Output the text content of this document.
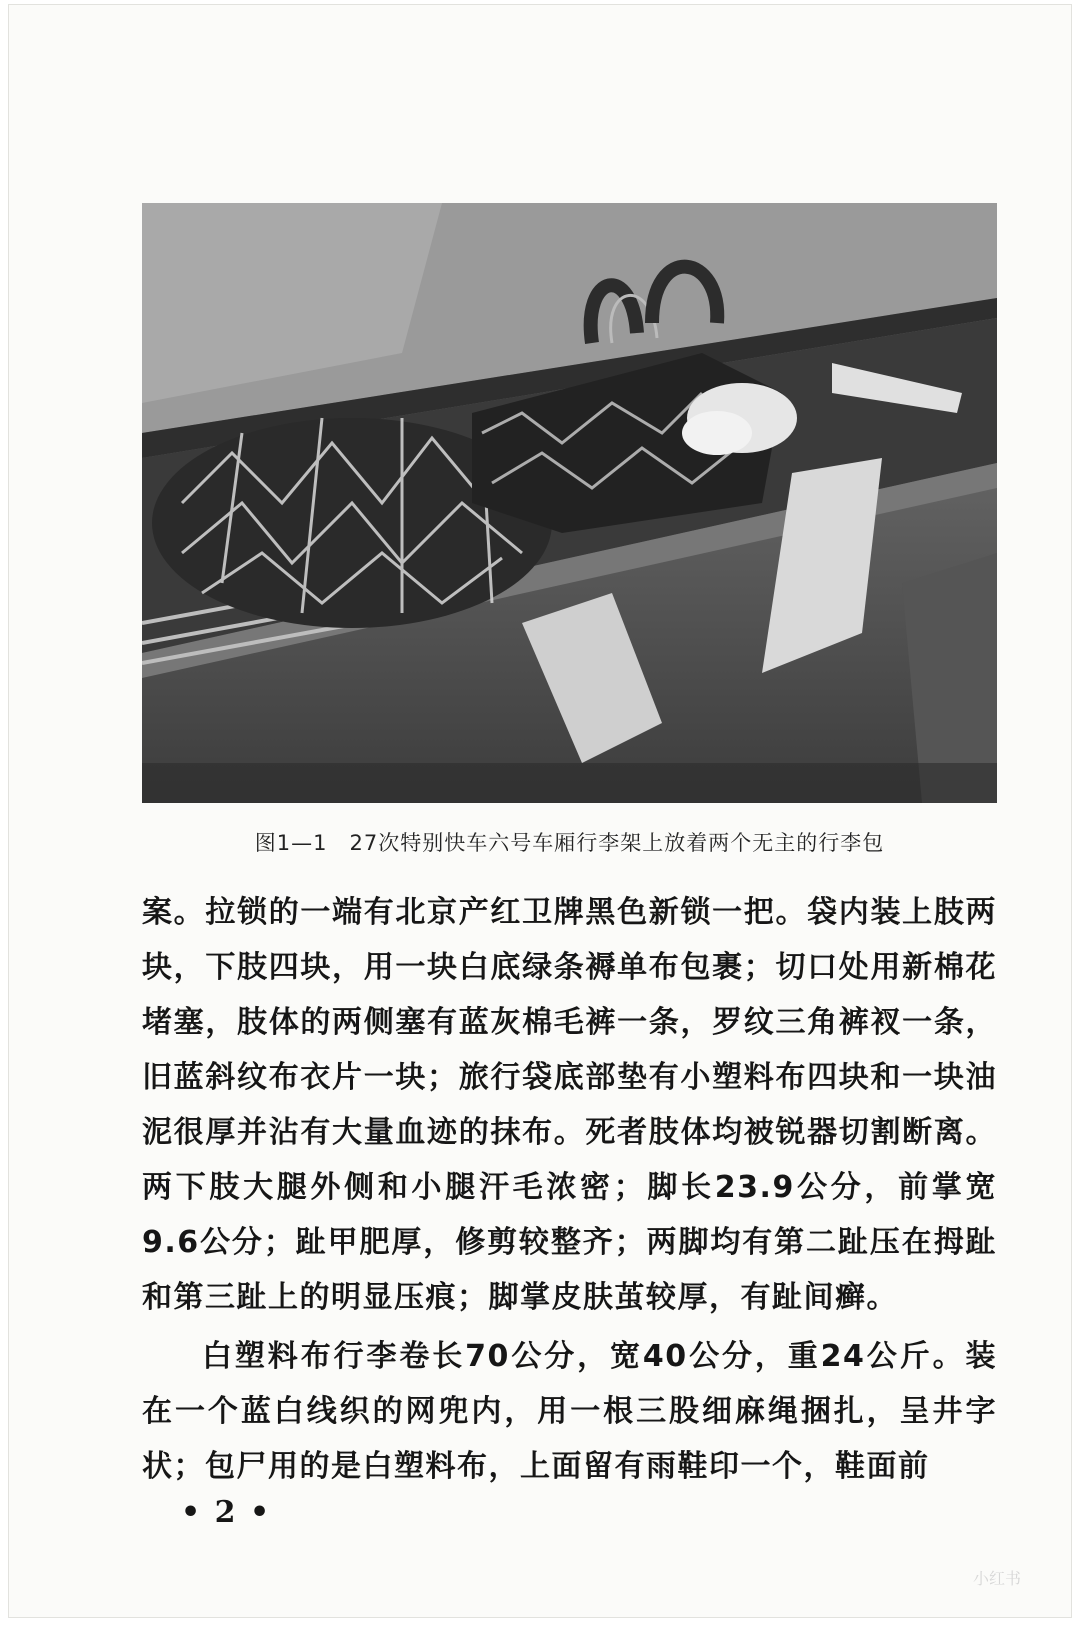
图1—1　27次特别快车六号车厢行李架上放着两个无主的行李包

案。拉锁的一端有北京产红卫牌黑色新锁一把。袋内装上肢两块，下肢四块，用一块白底绿条褥单布包裹；切口处用新棉花堵塞，肢体的两侧塞有蓝灰棉毛裤一条，罗纹三角裤衩一条，旧蓝斜纹布衣片一块；旅行袋底部垫有小塑料布四块和一块油泥很厚并沾有大量血迹的抹布。死者肢体均被锐器切割断离。两下肢大腿外侧和小腿汗毛浓密；脚长23.9公分，前掌宽9.6公分；趾甲肥厚，修剪较整齐；两脚均有第二趾压在拇趾和第三趾上的明显压痕；脚掌皮肤茧较厚，有趾间癣。

白塑料布行李卷长70公分，宽40公分，重24公斤。装在一个蓝白线织的网兜内，用一根三股细麻绳捆扎，呈井字状；包尸用的是白塑料布，上面留有雨鞋印一个，鞋面前

• 2 •
小红书
